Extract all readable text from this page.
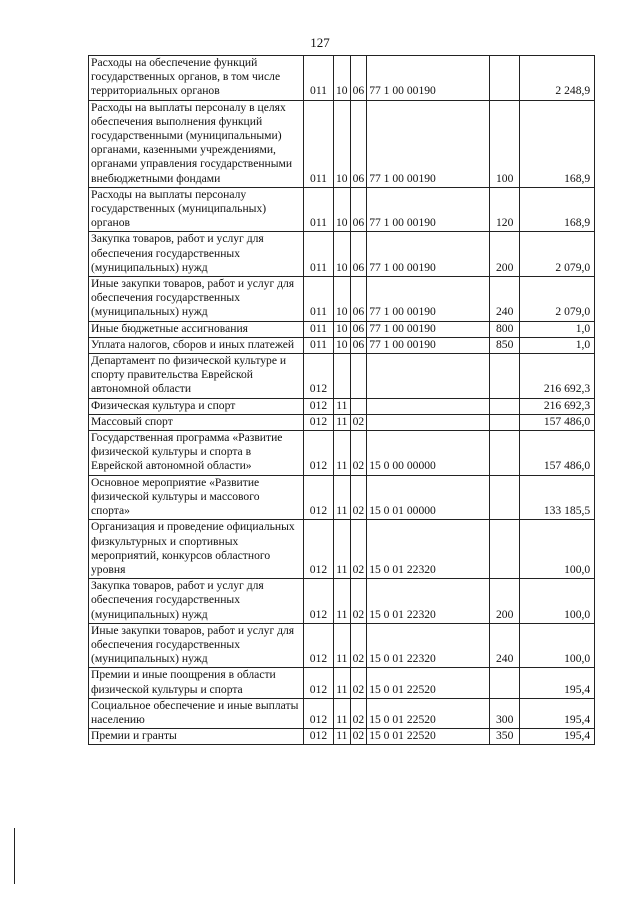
127
Расходы на обеспечение функций государственных органов, в том числе территориальных органов	011	10	06	77 1 00 00190		2 248,9
Расходы на выплаты персоналу в целях обеспечения выполнения функций государственными (муниципальными) органами, казенными учреждениями, органами управления государственными внебюджетными фондами	011	10	06	77 1 00 00190	100	168,9
Расходы на выплаты персоналу государственных (муниципальных) органов	011	10	06	77 1 00 00190	120	168,9
Закупка товаров, работ и услуг для обеспечения государственных (муниципальных) нужд	011	10	06	77 1 00 00190	200	2 079,0
Иные закупки товаров, работ и услуг для обеспечения государственных (муниципальных) нужд	011	10	06	77 1 00 00190	240	2 079,0
Иные бюджетные ассигнования	011	10	06	77 1 00 00190	800	1,0
Уплата налогов, сборов и иных платежей	011	10	06	77 1 00 00190	850	1,0
Департамент по физической культуре и спорту правительства Еврейской автономной области	012					216 692,3
Физическая культура и спорт	012	11				216 692,3
Массовый спорт	012	11	02			157 486,0
Государственная программа «Развитие физической культуры и спорта в Еврейской автономной области»	012	11	02	15 0 00 00000		157 486,0
Основное мероприятие «Развитие физической культуры и массового спорта»	012	11	02	15 0 01 00000		133 185,5
Организация и проведение официальных физкультурных и спортивных мероприятий, конкурсов областного уровня	012	11	02	15 0 01 22320		100,0
Закупка товаров, работ и услуг для обеспечения государственных (муниципальных) нужд	012	11	02	15 0 01 22320	200	100,0
Иные закупки товаров, работ и услуг для обеспечения государственных (муниципальных) нужд	012	11	02	15 0 01 22320	240	100,0
Премии и иные поощрения в области физической культуры и спорта	012	11	02	15 0 01 22520		195,4
Социальное обеспечение и иные выплаты населению	012	11	02	15 0 01 22520	300	195,4
Премии и гранты	012	11	02	15 0 01 22520	350	195,4
